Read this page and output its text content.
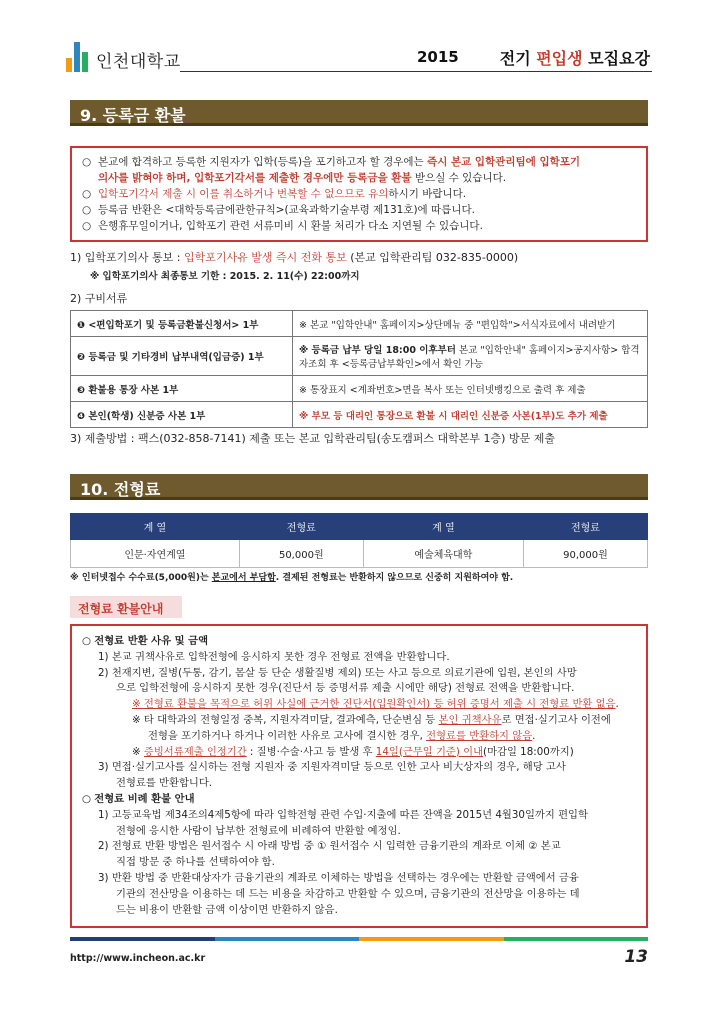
인천대학교	2015	전기 편입생 모집요강
9. 등록금 환불
○ 본교에 합격하고 등록한 지원자가 입학(등록)을 포기하고자 할 경우에는 즉시 본교 입학관리팀에 입학포기
의사를 밝혀야 하며, 입학포기각서를 제출한 경우에만 등록금을 환불 받으실 수 있습니다.
○ 입학포기각서 제출 시 이를 취소하거나 번복할 수 없으므로 유의하시기 바랍니다.
○ 등록금 반환은 <대학등록금에관한규칙>(교육과학기술부령 제131호)에 따릅니다.
○ 은행휴무일이거나, 입학포기 관련 서류미비 시 환불 처리가 다소 지연될 수 있습니다.
1) 입학포기의사 통보 : 입학포기사유 발생 즉시 전화 통보 (본교 입학관리팀 032-835-0000)
※ 입학포기의사 최종통보 기한 : 2015. 2. 11(수) 22:00까지
2) 구비서류
❶ <편입학포기 및 등록금환불신청서> 1부	※ 본교 "입학안내" 홈페이지>상단메뉴 중 "편입학">서식자료에서 내려받기
❷ 등록금 및 기타경비 납부내역(입금증) 1부	※ 등록금 납부 당일 18:00 이후부터 본교 "입학안내" 홈페이지>공지사항> 합격자조회 후 <등록금납부확인>에서 확인 가능
❸ 환불용 통장 사본 1부	※ 통장표지 <계좌번호>면을 복사 또는 인터넷뱅킹으로 출력 후 제출
❹ 본인(학생) 신분증 사본 1부	※ 부모 등 대리인 통장으로 환불 시 대리인 신분증 사본(1부)도 추가 제출
3) 제출방법 : 팩스(032-858-7141) 제출 또는 본교 입학관리팀(송도캠퍼스 대학본부 1층) 방문 제출
10. 전형료
계 열	전형료	계 열	전형료
인문·자연계열	50,000원	예술체육대학	90,000원
※ 인터넷접수 수수료(5,000원)는 본교에서 부담함. 결제된 전형료는 반환하지 않으므로 신중히 지원하여야 함.
전형료 환불안내
○ 전형료 반환 사유 및 금액
1) 본교 귀책사유로 입학전형에 응시하지 못한 경우 전형료 전액을 반환합니다.
2) 천재지변, 질병(두통, 감기, 몸살 등 단순 생활질병 제외) 또는 사고 등으로 의료기관에 입원, 본인의 사망
으로 입학전형에 응시하지 못한 경우(진단서 등 증명서류 제출 시에만 해당) 전형료 전액을 반환합니다.
※ 전형료 환불을 목적으로 허위 사실에 근거한 진단서(입원확인서) 등 허위 증명서 제출 시 전형료 반환 없음.
※ 타 대학과의 전형일정 중복, 지원자격미달, 결과예측, 단순변심 등 본인 귀책사유로 면접·실기고사 이전에
전형을 포기하거나 하거나 이러한 사유로 고사에 결시한 경우, 전형료를 반환하지 않음.
※ 증빙서류제출 인정기간 : 질병·수술·사고 등 발생 후 14일(근무일 기준) 이내(마감일 18:00까지)
3) 면접·실기고사를 실시하는 전형 지원자 중 지원자격미달 등으로 인한 고사 비大상자의 경우, 해당 고사
전형료를 반환합니다.
○ 전형료 비례 환불 안내
1) 고등교육법 제34조의4제5항에 따라 입학전형 관련 수입·지출에 따른 잔액을 2015년 4월30일까지 편입학
전형에 응시한 사람이 납부한 전형료에 비례하여 반환할 예정임.
2) 전형료 반환 방법은 원서접수 시 아래 방법 중 ① 원서접수 시 입력한 금융기관의 계좌로 이체 ② 본교
직접 방문 중 하나를 선택하여야 함.
3) 반환 방법 중 반환대상자가 금융기관의 계좌로 이체하는 방법을 선택하는 경우에는 반환할 금액에서 금융
기관의 전산망을 이용하는 데 드는 비용을 차감하고 반환할 수 있으며, 금융기관의 전산망을 이용하는 데
드는 비용이 반환할 금액 이상이면 반환하지 않음.
http://www.incheon.ac.kr	13
